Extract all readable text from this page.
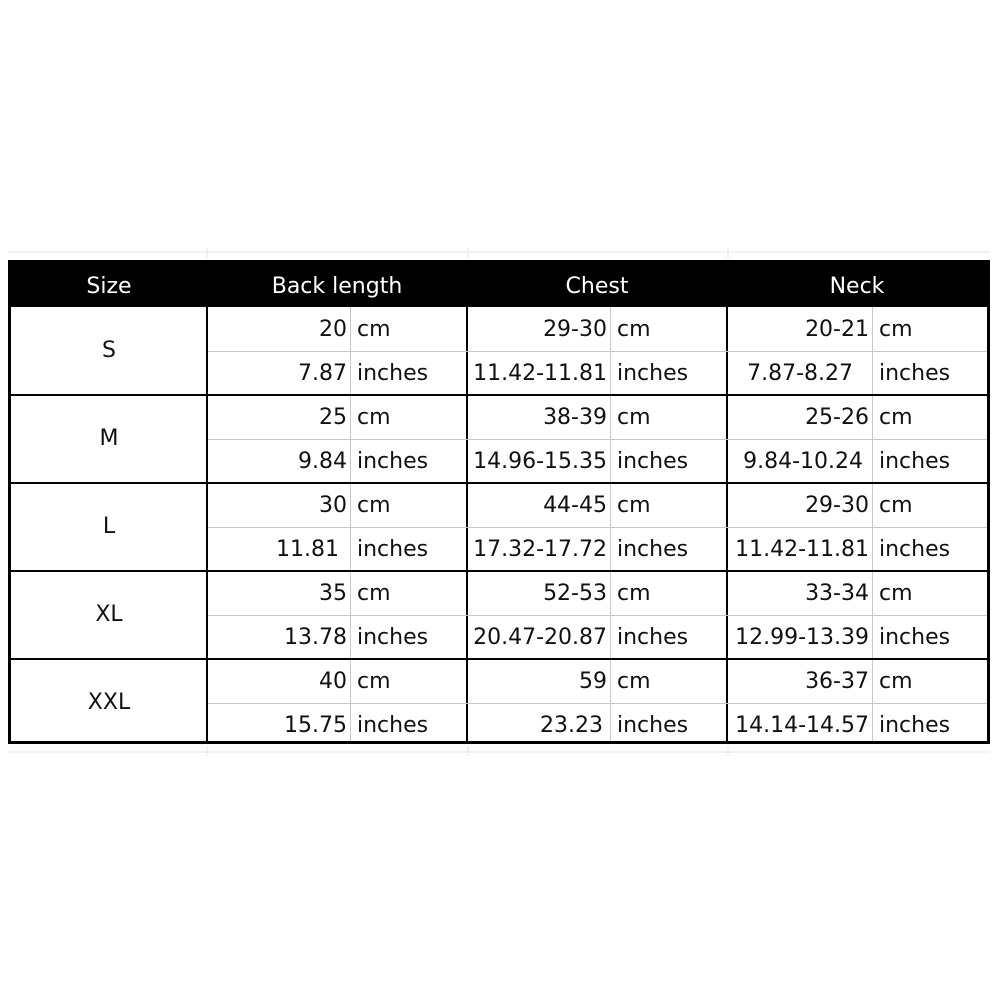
Size	Back length	Chest	Neck
S
20 cm	29-30 cm	20-21 cm
7.87 inches	11.42-11.81 inches	7.87-8.27 inches
M
25 cm	38-39 cm	25-26 cm
9.84 inches	14.96-15.35 inches	9.84-10.24 inches
L
30 cm	44-45 cm	29-30 cm
11.81 inches	17.32-17.72 inches	11.42-11.81 inches
XL
35 cm	52-53 cm	33-34 cm
13.78 inches	20.47-20.87 inches	12.99-13.39 inches
XXL
40 cm	59 cm	36-37 cm
15.75 inches	23.23 inches	14.14-14.57 inches
